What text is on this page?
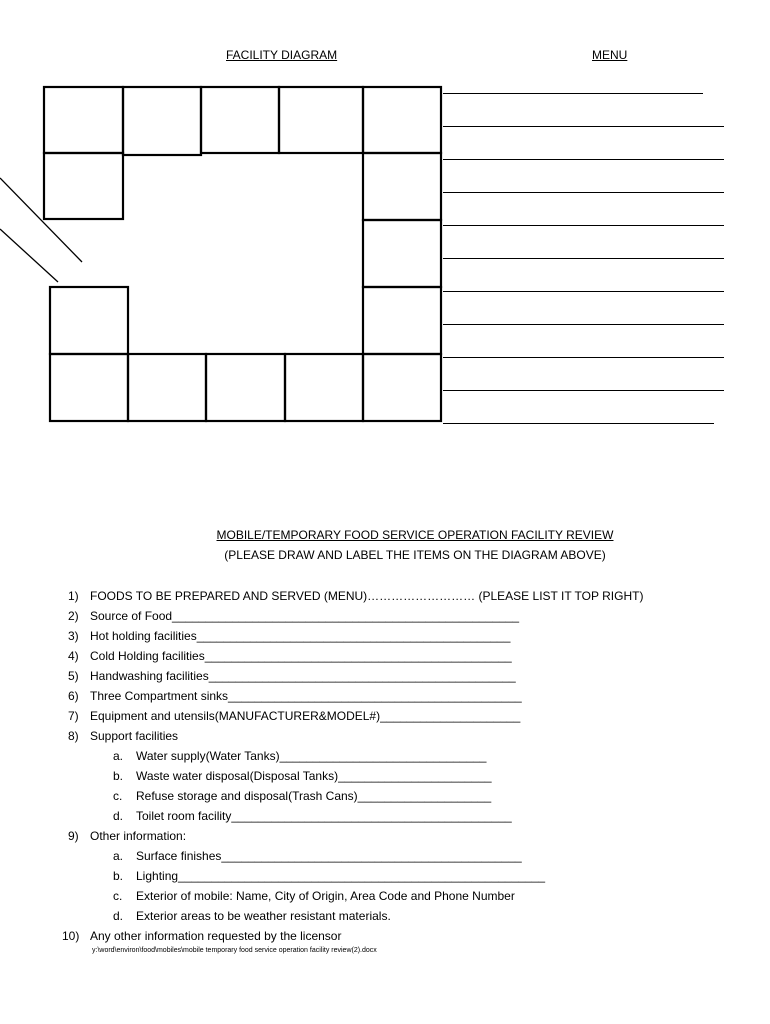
FACILITY DIAGRAM	MENU
MOBILE/TEMPORARY FOOD SERVICE OPERATION FACILITY REVIEW
(PLEASE DRAW AND LABEL THE ITEMS ON THE DIAGRAM ABOVE)
1) FOODS TO BE PREPARED AND SERVED (MENU)……………………… (PLEASE LIST IT TOP RIGHT)
2) Source of Food____________________________________________________
3) Hot holding facilities_______________________________________________
4) Cold Holding facilities______________________________________________
5) Handwashing facilities______________________________________________
6) Three Compartment sinks____________________________________________
7) Equipment and utensils(MANUFACTURER&MODEL#)_____________________
8) Support facilities
a. Water supply(Water Tanks)_______________________________
b. Waste water disposal(Disposal Tanks)_______________________
c. Refuse storage and disposal(Trash Cans)____________________
d. Toilet room facility__________________________________________
9) Other information:
a. Surface finishes_____________________________________________
b. Lighting_______________________________________________________
c. Exterior of mobile: Name, City of Origin, Area Code and Phone Number
d. Exterior areas to be weather resistant materials.
10) Any other information requested by the licensor
y:\word\environ\food\mobiles\mobile temporary food service operation facility review(2).docx
